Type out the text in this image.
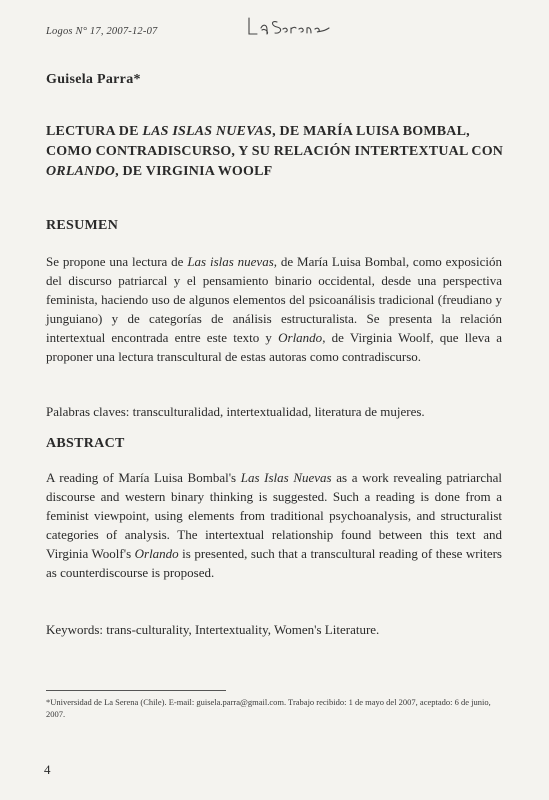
Logos N° 17, 2007-12-07
Guisela Parra*
LECTURA DE LAS ISLAS NUEVAS, DE MARÍA LUISA BOMBAL, COMO CONTRADISCURSO, Y SU RELACIÓN INTERTEXTUAL CON ORLANDO, DE VIRGINIA WOOLF
RESUMEN
Se propone una lectura de Las islas nuevas, de María Luisa Bombal, como exposición del discurso patriarcal y el pensamiento binario occidental, desde una perspectiva feminista, haciendo uso de algunos elementos del psicoanálisis tradicional (freudiano y junguiano) y de categorías de análisis estructuralista. Se presenta la relación intertextual encontrada entre este texto y Orlando, de Virginia Woolf, que lleva a proponer una lectura transcultural de estas autoras como contradiscurso.
Palabras claves: transculturalidad, intertextualidad, literatura de mujeres.
ABSTRACT
A reading of María Luisa Bombal's Las Islas Nuevas as a work revealing patriarchal discourse and western binary thinking is suggested. Such a reading is done from a feminist viewpoint, using elements from traditional psychoanalysis, and structuralist categories of analysis. The intertextual relationship found between this text and Virginia Woolf's Orlando is presented, such that a transcultural reading of these writers as counterdiscourse is proposed.
Keywords: trans-culturality, Intertextuality, Women's Literature.
*Universidad de La Serena (Chile). E-mail: guisela.parra@gmail.com. Trabajo recibido: 1 de mayo del 2007, aceptado: 6 de junio, 2007.
4
